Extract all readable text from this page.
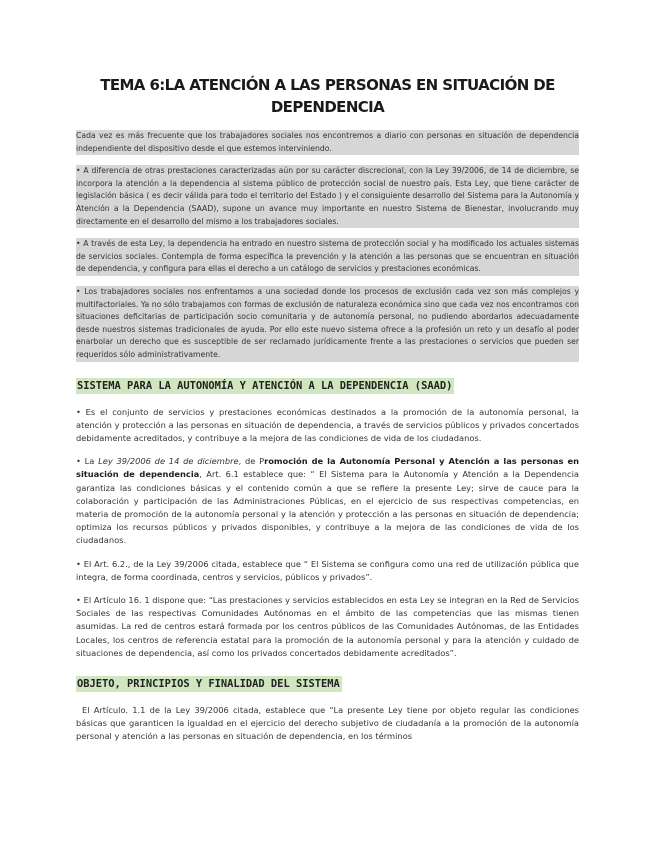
TEMA 6:LA ATENCIÓN A LAS PERSONAS EN SITUACIÓN DE DEPENDENCIA

Cada vez es más frecuente que los trabajadores sociales nos encontremos a diario con personas en situación de dependencia independiente del dispositivo desde el que estemos interviniendo.

• A diferencia de otras prestaciones caracterizadas aún por su carácter discrecional, con la Ley 39/2006, de 14 de diciembre, se incorpora la atención a la dependencia al sistema público de protección social de nuestro país. Esta Ley, que tiene carácter de legislación básica ( es decir válida para todo el territorio del Estado ) y el consiguiente desarrollo del Sistema para la Autonomía y Atención a la Dependencia (SAAD), supone un avance muy importante en nuestro Sistema de Bienestar, involucrando muy directamente en el desarrollo del mismo a los trabajadores sociales.

• A través de esta Ley, la dependencia ha entrado en nuestro sistema de protección social y ha modificado los actuales sistemas de servicios sociales. Contempla de forma específica la prevención y la atención a las personas que se encuentran en situación de dependencia, y configura para ellas el derecho a un catálogo de servicios y prestaciones económicas.

• Los trabajadores sociales nos enfrentamos a una sociedad donde los procesos de exclusión cada vez son más complejos y multifactoriales. Ya no sólo trabajamos con formas de exclusión de naturaleza económica sino que cada vez nos encontramos con situaciones deficitarias de participación socio comunitaria y de autonomía personal, no pudiendo abordarlos adecuadamente desde nuestros sistemas tradicionales de ayuda. Por ello este nuevo sistema ofrece a la profesión un reto y un desafío al poder enarbolar un derecho que es susceptible de ser reclamado jurídicamente frente a las prestaciones o servicios que pueden ser requeridos sólo administrativamente.

SISTEMA PARA LA AUTONOMÍA Y ATENCIÓN A LA DEPENDENCIA (SAAD)

• Es el conjunto de servicios y prestaciones económicas destinados a la promoción de la autonomía personal, la atención y protección a las personas en situación de dependencia, a través de servicios públicos y privados concertados debidamente acreditados, y contribuye a la mejora de las condiciones de vida de los ciudadanos.

• La Ley 39/2006 de 14 de diciembre, de Promoción de la Autonomía Personal y Atención a las personas en situación de dependencia, Art. 6.1 establece que: “ El Sistema para la Autonomía y Atención a la Dependencia garantiza las condiciones básicas y el contenido común a que se refiere la presente Ley; sirve de cauce para la colaboración y participación de las Administraciones Públicas, en el ejercicio de sus respectivas competencias, en materia de promoción de la autonomía personal y la atención y protección a las personas en situación de dependencia; optimiza los recursos públicos y privados disponibles, y contribuye a la mejora de las condiciones de vida de los ciudadanos.

• El Art. 6.2., de la Ley 39/2006 citada, establece que “ El Sistema se configura como una red de utilización pública que integra, de forma coordinada, centros y servicios, públicos y privados”.

• El Artículo 16. 1 dispone que: “Las prestaciones y servicios establecidos en esta Ley se integran en la Red de Servicios Sociales de las respectivas Comunidades Autónomas en el ámbito de las competencias que las mismas tienen asumidas. La red de centros estará formada por los centros públicos de las Comunidades Autónomas, de las Entidades Locales, los centros de referencia estatal para la promoción de la autonomía personal y para la atención y cuidado de situaciones de dependencia, así como los privados concertados debidamente acreditados”.

OBJETO, PRINCIPIOS Y FINALIDAD DEL SISTEMA

El Artículo. 1.1 de la Ley 39/2006 citada, establece que “La presente Ley tiene por objeto regular las condiciones básicas que garanticen la igualdad en el ejercicio del derecho subjetivo de ciudadanía a la promoción de la autonomía personal y atención a las personas en situación de dependencia, en los términos
